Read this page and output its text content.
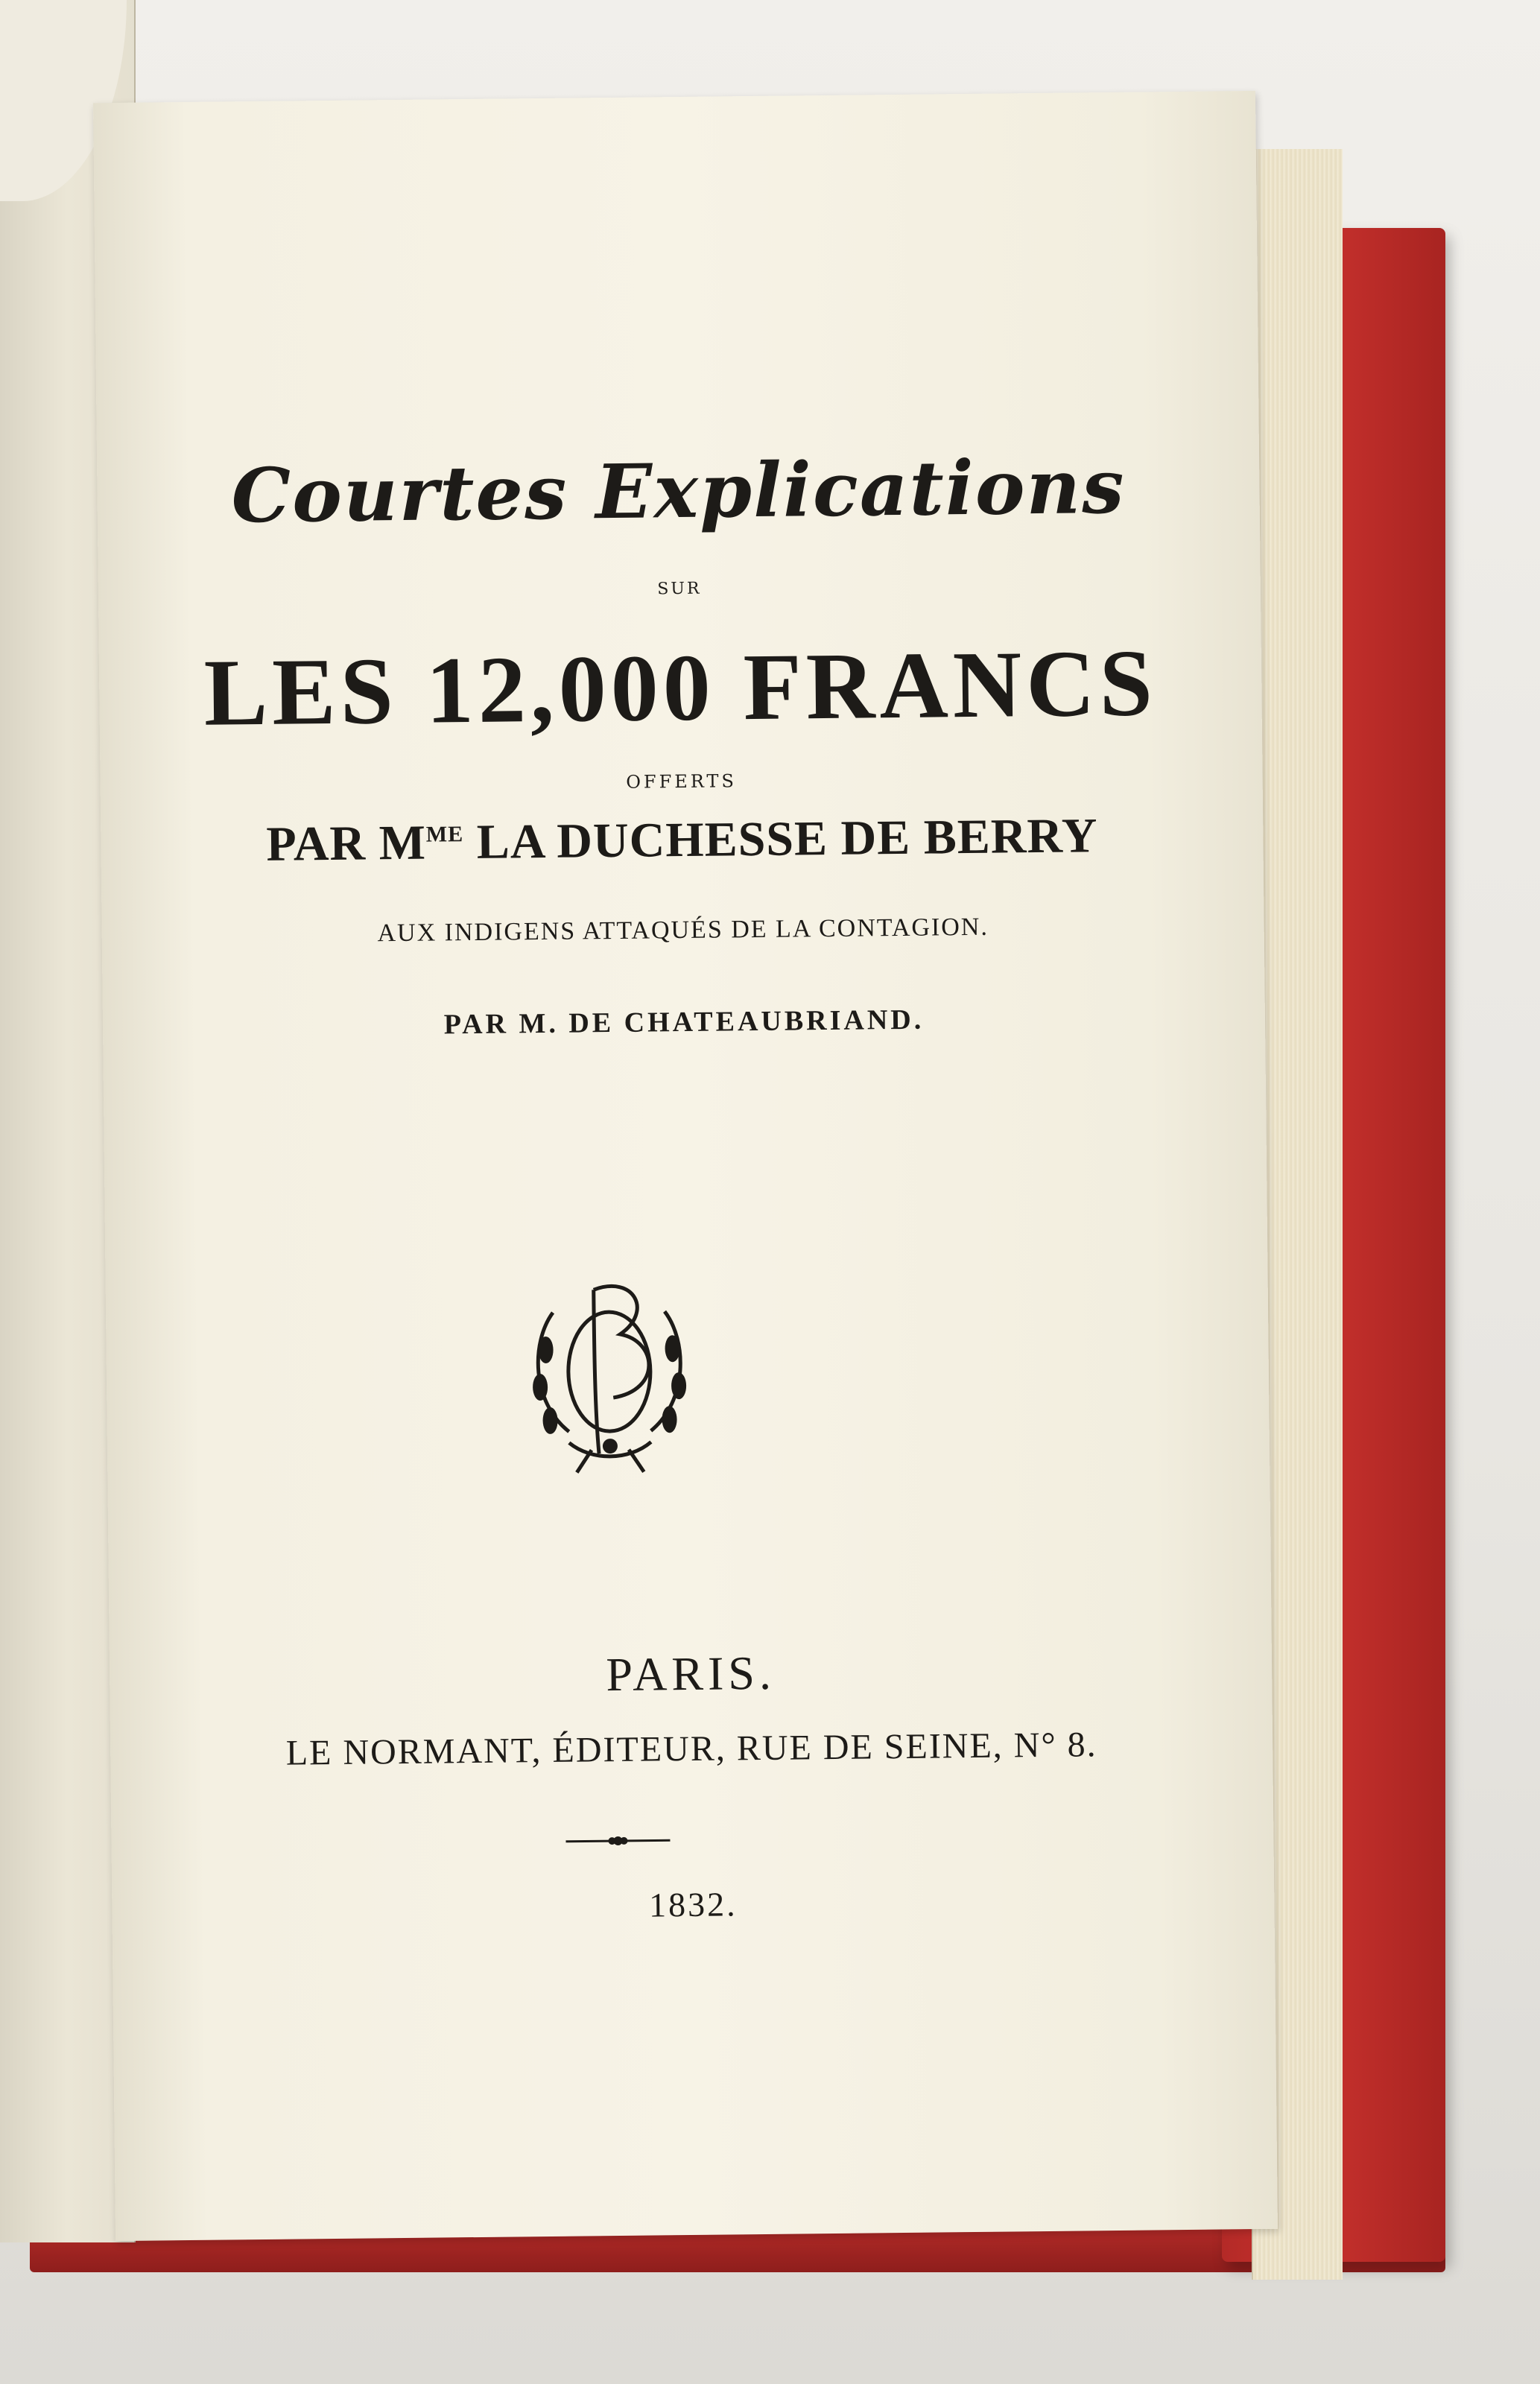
Courtes Explications
SUR
LES 12,000 FRANCS
OFFERTS
PAR $M^{ME}$ LA DUCHESSE DE BERRY
AUX INDIGENS ATTAQUÉS DE LA CONTAGION.
PAR M. DE CHATEAUBRIAND.
PARIS.
LE NORMANT, ÉDITEUR, RUE DE SEINE, N° 8.
1832.
